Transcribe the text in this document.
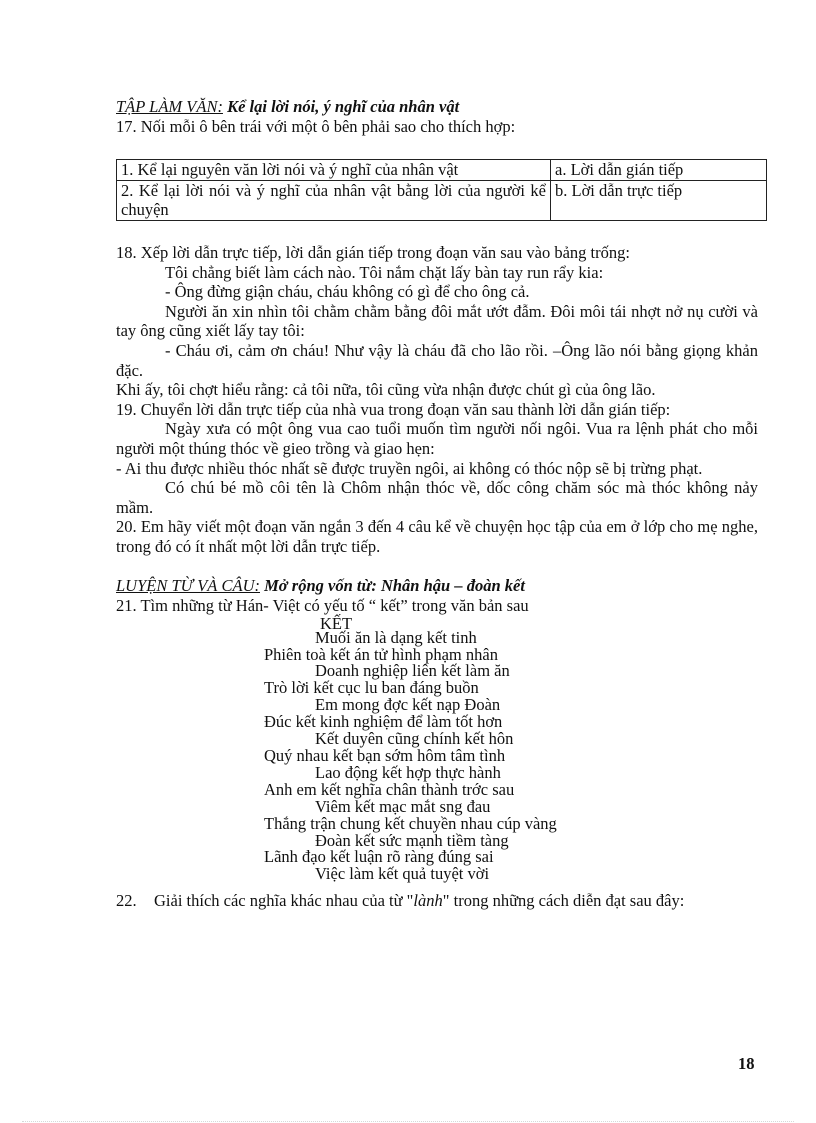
TẬP LÀM VĂN: Kể lại lời nói, ý nghĩ của nhân vật

17. Nối mỗi ô bên trái với một ô bên phải sao cho thích hợp:

1. Kể lại nguyên văn lời nói và ý nghĩ của nhân vật	a. Lời dẫn gián tiếp
2. Kể lại lời nói và ý nghĩ của nhân vật bằng lời của người kể chuyện	b. Lời dẫn trực tiếp

18. Xếp lời dẫn trực tiếp, lời dẫn gián tiếp trong đoạn văn sau vào bảng trống:

Tôi chẳng biết làm cách nào. Tôi nắm chặt lấy bàn tay run rẩy kia:

- Ông đừng giận cháu, cháu không có gì để cho ông cả.

Người ăn xin nhìn tôi chằm chằm bằng đôi mắt ướt đẫm. Đôi môi tái nhợt nở nụ cười và tay ông cũng xiết lấy tay tôi:

- Cháu ơi, cảm ơn cháu! Như vậy là cháu đã cho lão rồi. –Ông lão nói bằng giọng khản đặc.

Khi ấy, tôi chợt hiểu rằng: cả tôi nữa, tôi cũng vừa nhận được chút gì của ông lão.

19. Chuyển lời dẫn trực tiếp của nhà vua trong đoạn văn sau thành lời dẫn gián tiếp:

Ngày xưa có một ông vua cao tuổi muốn tìm người nối ngôi. Vua ra lệnh phát cho mỗi người một thúng thóc về gieo trồng và giao hẹn:

- Ai thu được nhiều thóc nhất sẽ được truyền ngôi, ai không có thóc nộp sẽ bị trừng phạt.

Có chú bé mồ côi tên là Chôm nhận thóc về, dốc công chăm sóc mà thóc không nảy mầm.

20. Em hãy viết một đoạn văn ngắn 3 đến 4 câu kể về chuyện học tập của em ở lớp cho mẹ nghe, trong đó có ít nhất một lời dẫn trực tiếp.

LUYỆN TỪ VÀ CÂU: Mở rộng vốn từ: Nhân hậu – đoàn kết

21. Tìm những từ Hán- Việt có yếu tố “ kết” trong văn bản sau

KẾT
Muối ăn là dạng kết tinh
Phiên toà kết án tử hình phạm nhân
Doanh nghiệp liên kết làm ăn
Trò lời kết cục lu ban đáng buồn
Em mong đợc kết nạp Đoàn
Đúc kết kinh nghiệm để làm tốt hơn
Kết duyên cũng chính kết hôn
Quý nhau kết bạn sớm hôm tâm tình
Lao động kết hợp thực hành
Anh em kết nghĩa chân thành trớc sau
Viêm kết mạc mắt sng đau
Thắng trận chung kết chuyền nhau cúp vàng
Đoàn kết sức mạnh tiềm tàng
Lãnh đạo kết luận rõ ràng đúng sai
Việc làm kết quả tuyệt vời
22.	Giải thích các nghĩa khác nhau của từ "lành" trong những cách diễn đạt sau đây:
18
